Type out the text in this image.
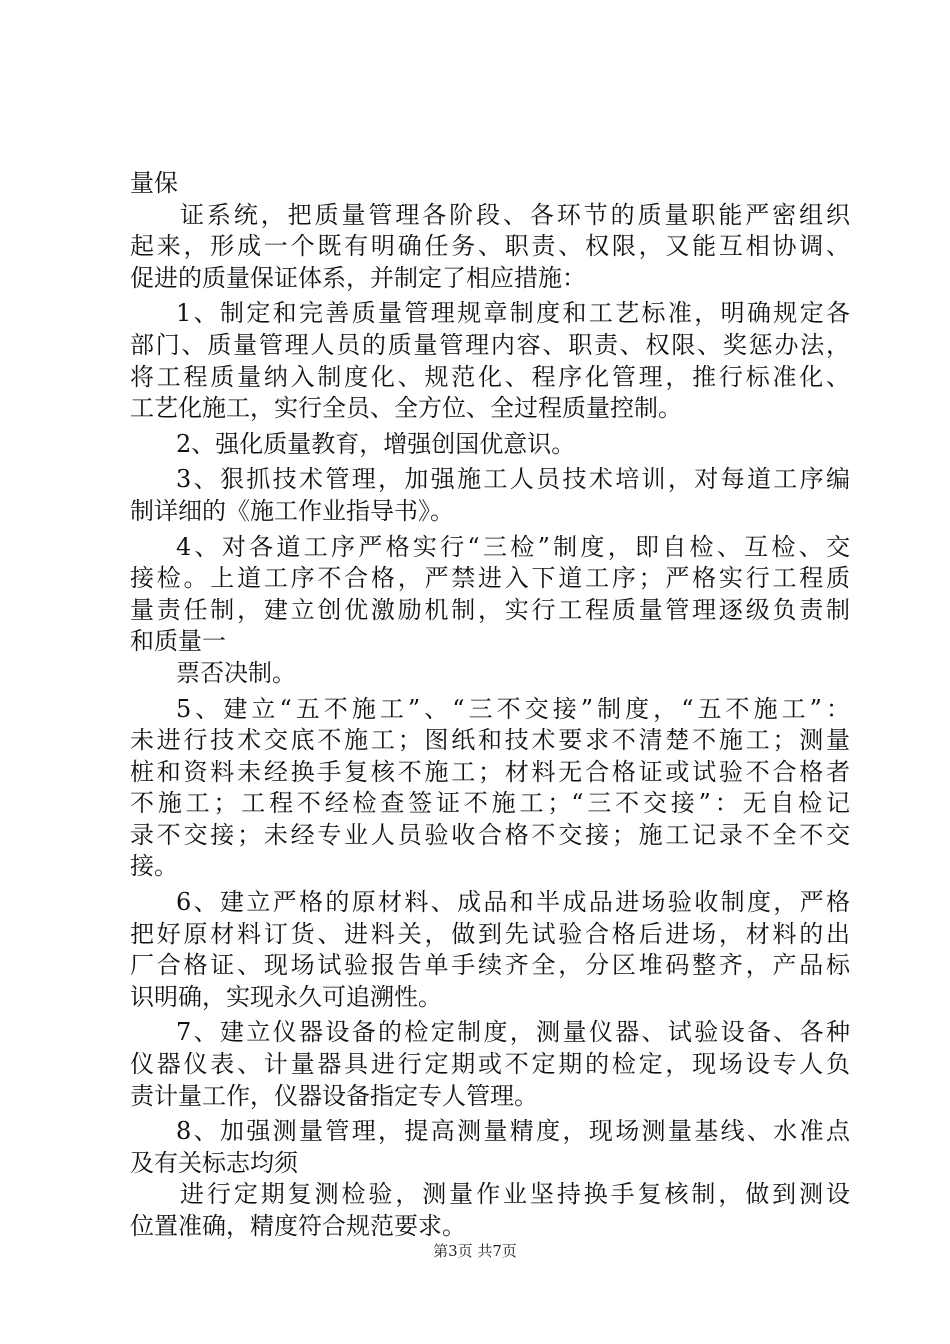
量保
证系统，把质量管理各阶段、各环节的质量职能严密组织
起来，形成一个既有明确任务、职责、权限，又能互相协调、
促进的质量保证体系，并制定了相应措施：
1、制定和完善质量管理规章制度和工艺标准，明确规定各
部门、质量管理人员的质量管理内容、职责、权限、奖惩办法，
将工程质量纳入制度化、规范化、程序化管理，推行标准化、
工艺化施工，实行全员、全方位、全过程质量控制。
2、强化质量教育，增强创国优意识。
3、狠抓技术管理，加强施工人员技术培训，对每道工序编
制详细的《施工作业指导书》。
4、对各道工序严格实行“三检”制度，即自检、互检、交
接检。上道工序不合格，严禁进入下道工序；严格实行工程质
量责任制，建立创优激励机制，实行工程质量管理逐级负责制
和质量一
票否决制。
5、建立“五不施工”、“三不交接”制度，“五不施工”：
未进行技术交底不施工；图纸和技术要求不清楚不施工；测量
桩和资料未经换手复核不施工；材料无合格证或试验不合格者
不施工；工程不经检查签证不施工；“三不交接”：无自检记
录不交接；未经专业人员验收合格不交接；施工记录不全不交
接。
6、建立严格的原材料、成品和半成品进场验收制度，严格
把好原材料订货、进料关，做到先试验合格后进场，材料的出
厂合格证、现场试验报告单手续齐全，分区堆码整齐，产品标
识明确，实现永久可追溯性。
7、建立仪器设备的检定制度，测量仪器、试验设备、各种
仪器仪表、计量器具进行定期或不定期的检定，现场设专人负
责计量工作，仪器设备指定专人管理。
8、加强测量管理，提高测量精度，现场测量基线、水准点
及有关标志均须
进行定期复测检验，测量作业坚持换手复核制，做到测设
位置准确，精度符合规范要求。
第3页 共7页
